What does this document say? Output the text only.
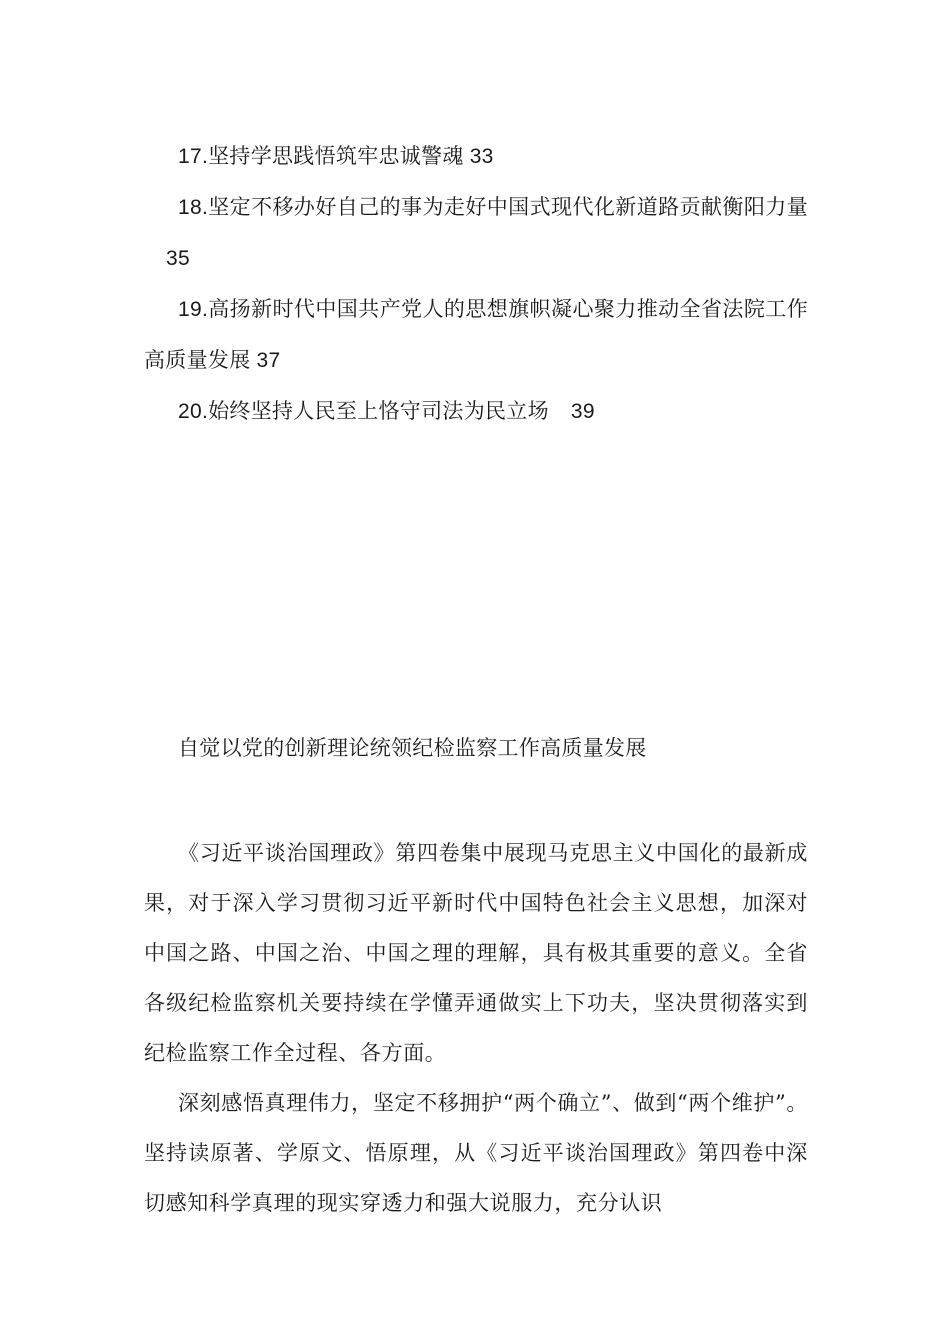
17.坚持学思践悟筑牢忠诚警魂 33

18.坚定不移办好自己的事为走好中国式现代化新道路贡献衡阳力量35

19.高扬新时代中国共产党人的思想旗帜凝心聚力推动全省法院工作高质量发展 37

20.始终坚持人民至上恪守司法为民立场 39

自觉以党的创新理论统领纪检监察工作高质量发展

《习近平谈治国理政》第四卷集中展现马克思主义中国化的最新成果，对于深入学习贯彻习近平新时代中国特色社会主义思想，加深对中国之路、中国之治、中国之理的理解，具有极其重要的意义。全省各级纪检监察机关要持续在学懂弄通做实上下功夫，坚决贯彻落实到纪检监察工作全过程、各方面。

深刻感悟真理伟力，坚定不移拥护“两个确立”、做到“两个维护”。坚持读原著、学原文、悟原理，从《习近平谈治国理政》第四卷中深切感知科学真理的现实穿透力和强大说服力，充分认识
